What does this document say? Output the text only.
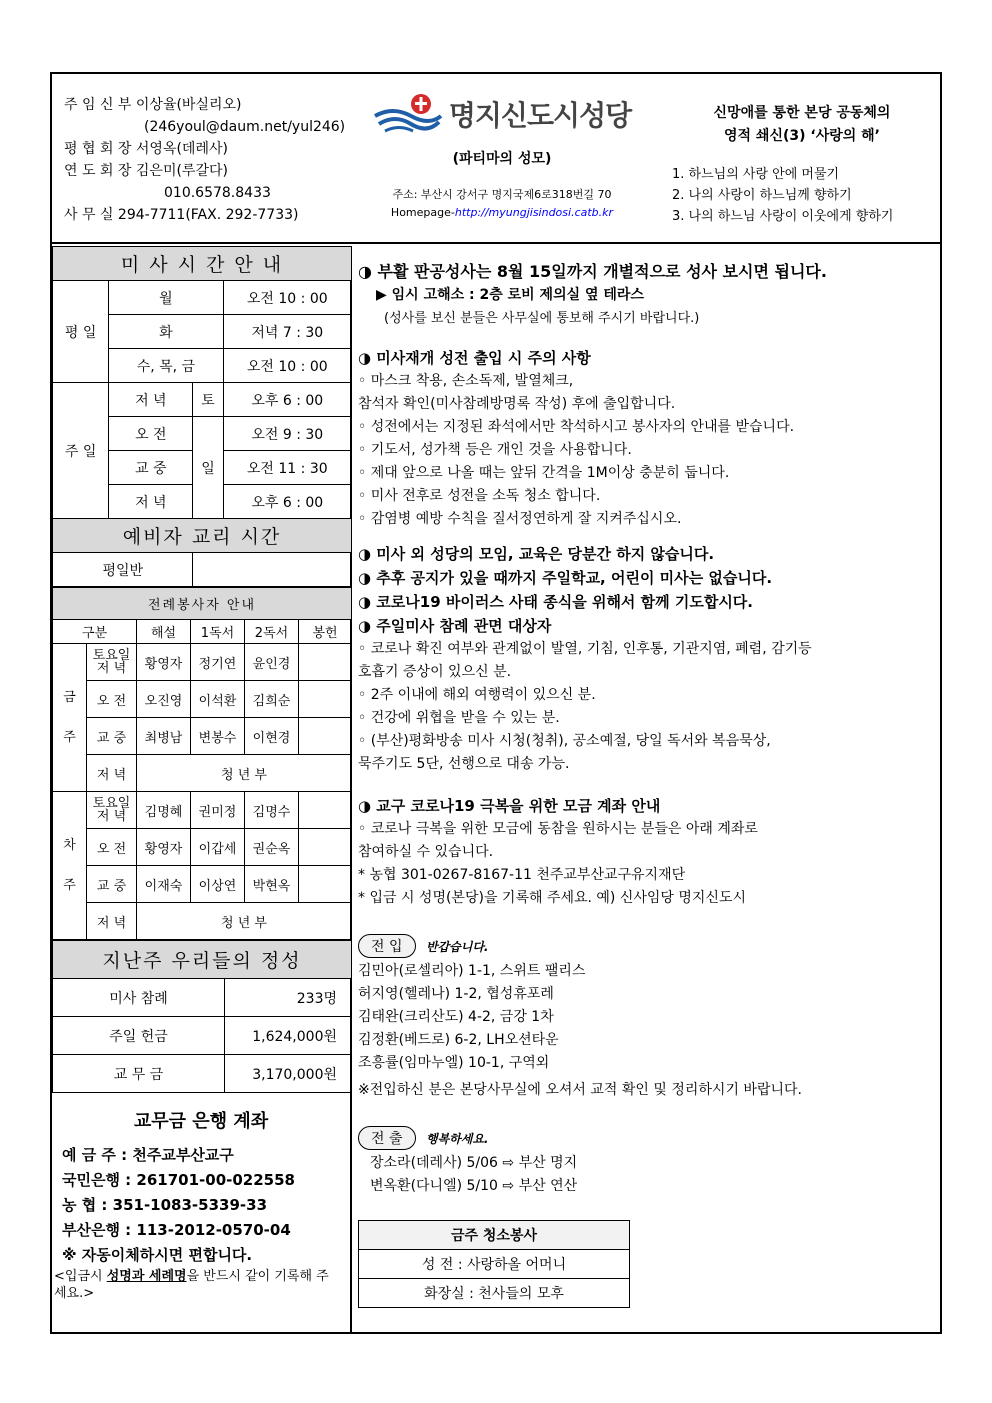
주 임 신 부 이상율(바실리오)
(246youl@daum.net/yul246)
평 협 회 장 서영옥(데레사)
연 도 회 장 김은미(루갈다)
010.6578.8433
사 무 실 294-7711(FAX. 292-7733)
명지신도시성당
(파티마의 성모)
주소: 부산시 강서구 명지국제6로318번길 70
Homepage-http://myungjisindosi.catb.kr
신망애를 통한 본당 공동체의
영적 쇄신(3) ‘사랑의 해’
1. 하느님의 사랑 안에 머물기
2. 나의 사랑이 하느님께 향하기
3. 나의 하느님 사랑이 이웃에게 향하기
미 사 시 간 안 내			
평 일	월		오전 10 : 00
	화		저녁 7 : 30
	수, 목, 금		오전 10 : 00
주 일	저 녁	토	오후 6 : 00
	오 전	일	오전 9 : 30
	교 중		오전 11 : 30
	저 녁		오후 6 : 00
예비자 교리 시간			
평일반			
전례봉사자 안내					
구분		해설	1독서	2독서	봉헌
금
주	토요일 저 녁	황영자	정기연	윤인경	
	오 전	오진영	이석환	김희순	
	교 중	최병남	변봉수	이현경	
	저 녁	청 년 부			
차
주	토요일 저 녁	김명혜	권미정	김명수	
	오 전	황영자	이갑세	권순옥	
	교 중	이재숙	이상연	박현옥	
	저 녁	청 년 부			
지난주 우리들의 정성	
미사 참례	233명
주일 헌금	1,624,000원
교 무 금	3,170,000원
교무금 은행 계좌
예 금 주 : 천주교부산교구
국민은행 : 261701-00-022558
농 협 : 351-1083-5339-33
부산은행 : 113-2012-0570-04
※ 자동이체하시면 편합니다.
<입금시 성명과 세례명을 반드시 같이 기록해 주세요.>
◑ 부활 판공성사는 8월 15일까지 개별적으로 성사 보시면 됩니다.
▶ 임시 고해소 : 2층 로비 제의실 옆 테라스
(성사를 보신 분들은 사무실에 통보해 주시기 바랍니다.)
◑ 미사재개 성전 출입 시 주의 사항
◦ 마스크 착용, 손소독제, 발열체크,
참석자 확인(미사참례방명록 작성) 후에 출입합니다.
◦ 성전에서는 지정된 좌석에서만 착석하시고 봉사자의 안내를 받습니다.
◦ 기도서, 성가책 등은 개인 것을 사용합니다.
◦ 제대 앞으로 나올 때는 앞뒤 간격을 1M이상 충분히 둡니다.
◦ 미사 전후로 성전을 소독 청소 합니다.
◦ 감염병 예방 수칙을 질서정연하게 잘 지켜주십시오.
◑ 미사 외 성당의 모임, 교육은 당분간 하지 않습니다.
◑ 추후 공지가 있을 때까지 주일학교, 어린이 미사는 없습니다.
◑ 코로나19 바이러스 사태 종식을 위해서 함께 기도합시다.
◑ 주일미사 참례 관면 대상자
◦ 코로나 확진 여부와 관계없이 발열, 기침, 인후통, 기관지염, 폐렴, 감기등
호흡기 증상이 있으신 분.
◦ 2주 이내에 해외 여행력이 있으신 분.
◦ 건강에 위협을 받을 수 있는 분.
◦ (부산)평화방송 미사 시청(청취), 공소예절, 당일 독서와 복음묵상,
묵주기도 5단, 선행으로 대송 가능.
◑ 교구 코로나19 극복을 위한 모금 계좌 안내
◦ 코로나 극복을 위한 모금에 동참을 원하시는 분들은 아래 계좌로
참여하실 수 있습니다.
* 농협 301-0267-8167-11 천주교부산교구유지재단
* 입금 시 성명(본당)을 기록해 주세요. 예) 신사임당 명지신도시
전 입 반갑습니다.
김민아(로셀리아) 1-1, 스위트 팰리스
허지영(헬레나) 1-2, 협성휴포레
김태완(크리산도) 4-2, 금강 1차
김정환(베드로) 6-2, LH오션타운
조흥률(임마누엘) 10-1, 구역외
※전입하신 분은 본당사무실에 오셔서 교적 확인 및 정리하시기 바랍니다.
전 출 행복하세요.
장소라(데레사) 5/06 ⇨ 부산 명지
변옥환(다니엘) 5/10 ⇨ 부산 연산
금주 청소봉사
성 전 : 사랑하올 어머니
화장실 : 천사들의 모후
